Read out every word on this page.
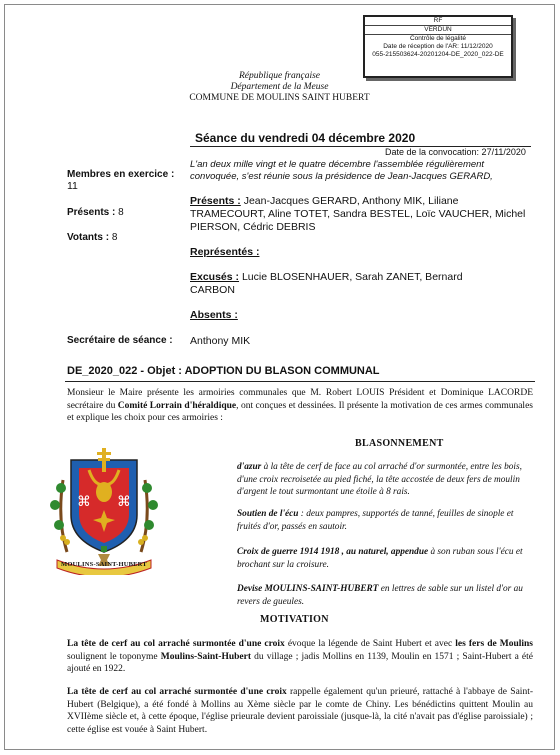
RF
VERDUN
Contrôle de légalité
Date de réception de l'AR: 11/12/2020
055-215503624-20201204-DE_2020_022-DE
République française
Département de la Meuse
COMMUNE DE MOULINS SAINT HUBERT
Séance du vendredi 04 décembre 2020
Date de la convocation: 27/11/2020
L'an deux mille vingt et le quatre décembre l'assemblée régulièrement convoquée, s'est réunie sous la présidence de Jean-Jacques GERARD,
Membres en exercice :
11
Présents : 8
Votants : 8
Secrétaire de séance :
Présents : Jean-Jacques GERARD, Anthony MIK, Liliane TRAMECOURT, Aline TOTET, Sandra BESTEL, Loïc VAUCHER, Michel PIERSON, Cédric DEBRIS
Représentés :
Excusés : Lucie BLOSENHAUER, Sarah ZANET, Bernard CARBON
Absents :
Anthony MIK
DE_2020_022 - Objet : ADOPTION DU BLASON COMMUNAL
Monsieur le Maire présente les armoiries communales que M. Robert LOUIS Président et Dominique LACORDE secrétaire du Comité Lorrain d'héraldique, ont conçues et dessinées. Il présente la motivation de ces armes communales et explique les choix pour ces armoiries :
⌘ ⌘
MOULINS-SAINT-HUBERT
BLASONNEMENT
d'azur à la tête de cerf de face au col arraché d'or surmontée, entre les bois, d'une croix recroisetée au pied fiché, la tête accostée de deux fers de moulin d'argent le tout surmontant une étoile à 8 rais.
Soutien de l'écu : deux pampres, supportés de tanné, feuilles de sinople et fruités d'or, passés en sautoir.
Croix de guerre 1914 1918 , au naturel, appendue à son ruban sous l'écu et brochant sur la croisure.
Devise MOULINS-SAINT-HUBERT en lettres de sable sur un listel d'or au revers de gueules.
MOTIVATION
La tête de cerf au col arraché surmontée d'une croix évoque la légende de Saint Hubert et avec les fers de Moulins soulignent le toponyme Moulins-Saint-Hubert du village ; jadis Mollins en 1139, Moulin en 1571 ; Saint-Hubert a été ajouté en 1922.
La tête de cerf au col arraché surmontée d'une croix rappelle également qu'un prieuré, rattaché à l'abbaye de Saint-Hubert (Belgique), a été fondé à Mollins au Xème siècle par le comte de Chiny. Les bénédictins quittent Moulin au XVIIème siècle et, à cette époque, l'église prieurale devient paroissiale (jusque-là, la cité n'avait pas d'église paroissiale) ; cette église est vouée à Saint Hubert.
